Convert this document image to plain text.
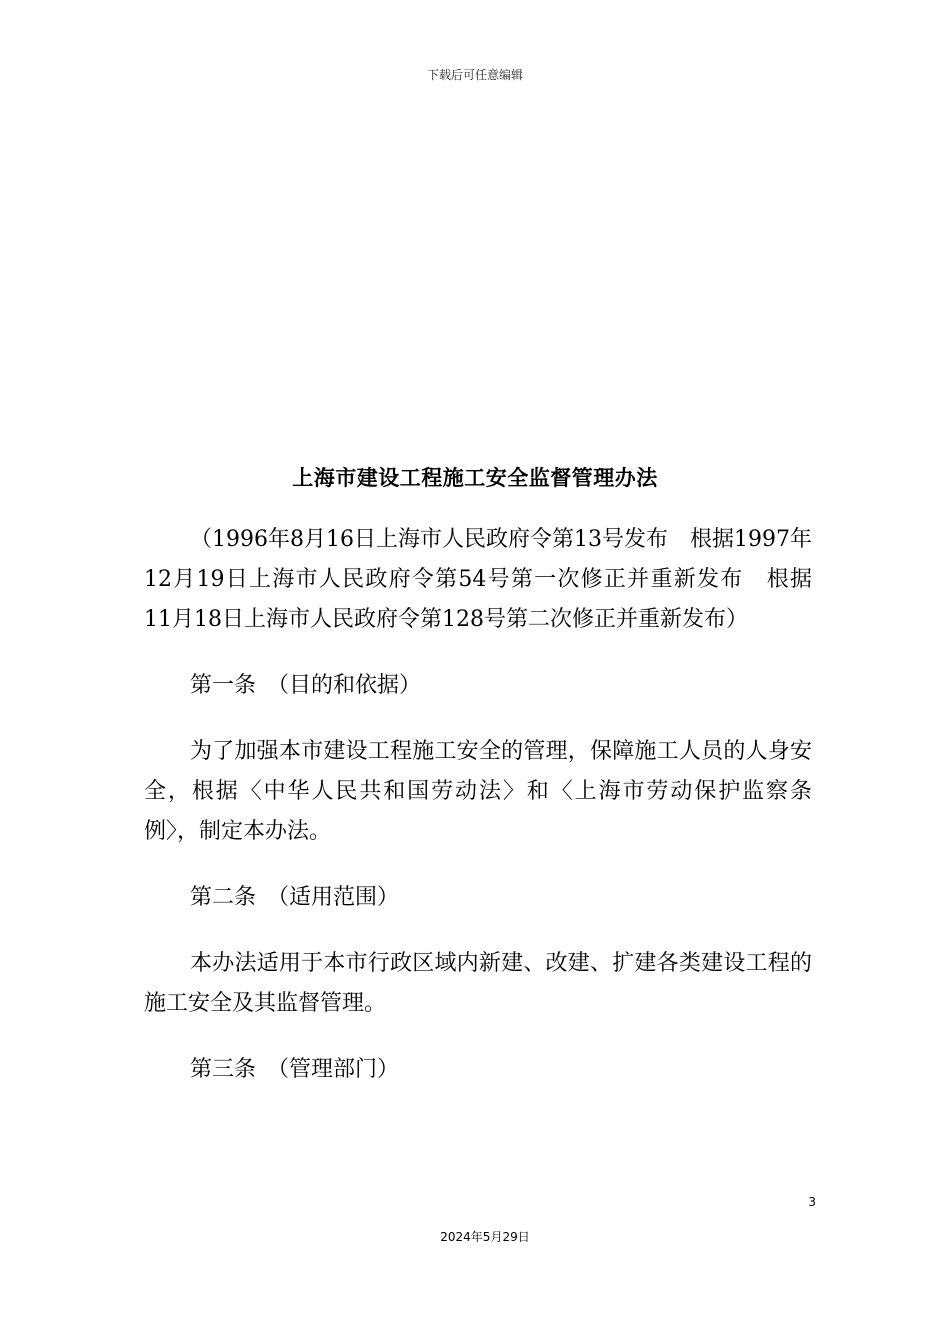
下载后可任意编辑
上海市建设工程施工安全监督管理办法

（1996年8月16日上海市人民政府令第13号发布　根据1997年12月19日上海市人民政府令第54号第一次修正并重新发布　根据　11月18日上海市人民政府令第128号第二次修正并重新发布）

第一条　（目的和依据）

为了加强本市建设工程施工安全的管理，保障施工人员的人身安全，根据〈中华人民共和国劳动法〉和〈上海市劳动保护监察条例〉，制定本办法。

第二条　（适用范围）

本办法适用于本市行政区域内新建、改建、扩建各类建设工程的施工安全及其监督管理。

第三条　（管理部门）

3
2024年5月29日
